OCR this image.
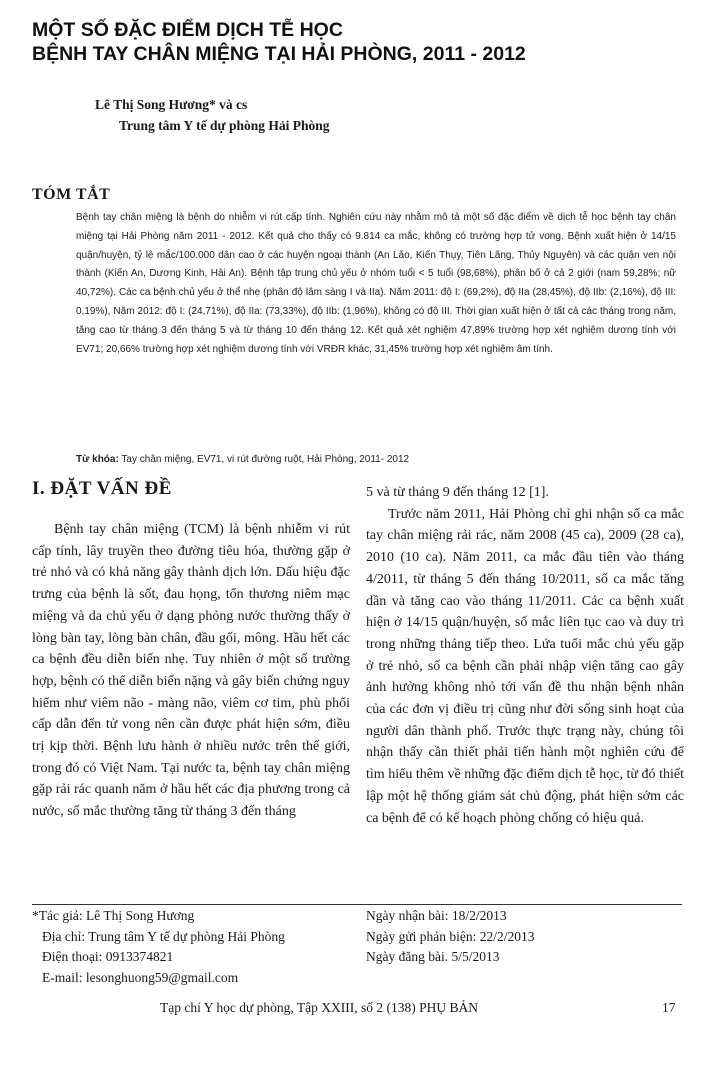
MỘT SỐ ĐẶC ĐIỂM DỊCH TỄ HỌC
BỆNH TAY CHÂN MIỆNG TẠI HẢI PHÒNG, 2011 - 2012
Lê Thị Song Hương* và cs
Trung tâm Y tế dự phòng Hải Phòng
TÓM TẮT

Bệnh tay chân miệng là bệnh do nhiễm vi rút cấp tính. Nghiên cứu này nhằm mô tả một số đặc điểm về dịch tễ học bệnh tay chân miệng tại Hải Phòng năm 2011 - 2012. Kết quả cho thấy có 9.814 ca mắc, không có trường hợp tử vong. Bệnh xuất hiện ở 14/15 quận/huyện, tỷ lệ mắc/100.000 dân cao ở các huyện ngoại thành (An Lão, Kiến Thụy, Tiên Lãng, Thủy Nguyên) và các quận ven nội thành (Kiến An, Dương Kinh, Hải An). Bệnh tập trung chủ yếu ở nhóm tuổi < 5 tuổi (98,68%), phân bố ở cả 2 giới (nam 59,28%; nữ 40,72%). Các ca bệnh chủ yếu ở thể nhẹ (phân độ lâm sàng I và IIa). Năm 2011: độ I: (69,2%), độ IIa (28,45%), độ IIb: (2,16%), độ III: 0,19%), Năm 2012: độ I: (24,71%), độ IIa: (73,33%), độ IIb: (1,96%), không có độ III. Thời gian xuất hiện ở tất cả các tháng trong năm, tăng cao từ tháng 3 đến tháng 5 và từ tháng 10 đến tháng 12. Kết quả xét nghiệm 47,89% trường hợp xét nghiệm dương tính với EV71; 20,66% trường hợp xét nghiệm dương tính với VRĐR khác, 31,45% trường hợp xét nghiệm âm tính.

Từ khóa: Tay chân miệng, EV71, vi rút đường ruột, Hải Phòng, 2011- 2012

I. ĐẶT VẤN ĐỀ

Bệnh tay chân miệng (TCM) là bệnh nhiễm vi rút cấp tính, lây truyền theo đường tiêu hóa, thường gặp ở trẻ nhỏ và có khả năng gây thành dịch lớn. Dấu hiệu đặc trưng của bệnh là sốt, đau họng, tổn thương niêm mạc miệng và da chủ yếu ở dạng phỏng nước thường thấy ở lòng bàn tay, lòng bàn chân, đầu gối, mông. Hầu hết các ca bệnh đều diễn biến nhẹ. Tuy nhiên ở một số trường hợp, bệnh có thể diễn biến nặng và gây biến chứng nguy hiểm như viêm não - màng não, viêm cơ tim, phù phổi cấp dẫn đến tử vong nên cần được phát hiện sớm, điều trị kịp thời. Bệnh lưu hành ở nhiều nước trên thế giới, trong đó có Việt Nam. Tại nước ta, bệnh tay chân miệng gặp rải rác quanh năm ở hầu hết các địa phương trong cả nước, số mắc thường tăng từ tháng 3 đến tháng

5 và từ tháng 9 đến tháng 12 [1].

Trước năm 2011, Hải Phòng chỉ ghi nhận số ca mắc tay chân miệng rải rác, năm 2008 (45 ca), 2009 (28 ca), 2010 (10 ca). Năm 2011, ca mắc đầu tiên vào tháng 4/2011, từ tháng 5 đến tháng 10/2011, số ca mắc tăng dần và tăng cao vào tháng 11/2011. Các ca bệnh xuất hiện ở 14/15 quận/huyện, số mắc liên tục cao và duy trì trong những tháng tiếp theo. Lứa tuổi mắc chủ yếu gặp ở trẻ nhỏ, số ca bệnh cần phải nhập viện tăng cao gây ảnh hưởng không nhỏ tới vấn đề thu nhận bệnh nhân của các đơn vị điều trị cũng như đời sống sinh hoạt của người dân thành phố. Trước thực trạng này, chúng tôi nhận thấy cần thiết phải tiến hành một nghiên cứu để tìm hiểu thêm về những đặc điểm dịch tễ học, từ đó thiết lập một hệ thống giám sát chủ động, phát hiện sớm các ca bệnh để có kế hoạch phòng chống có hiệu quả.

*Tác giả: Lê Thị Song Hương
Địa chỉ: Trung tâm Y tế dự phòng Hải Phòng
Điện thoại: 0913374821
E-mail: lesonghuong59@gmail.com
Ngày nhận bài: 18/2/2013
Ngày gửi phản biện: 22/2/2013
Ngày đăng bài. 5/5/2013
Tạp chí Y học dự phòng, Tập XXIII, số 2 (138) PHỤ BẢN	17
